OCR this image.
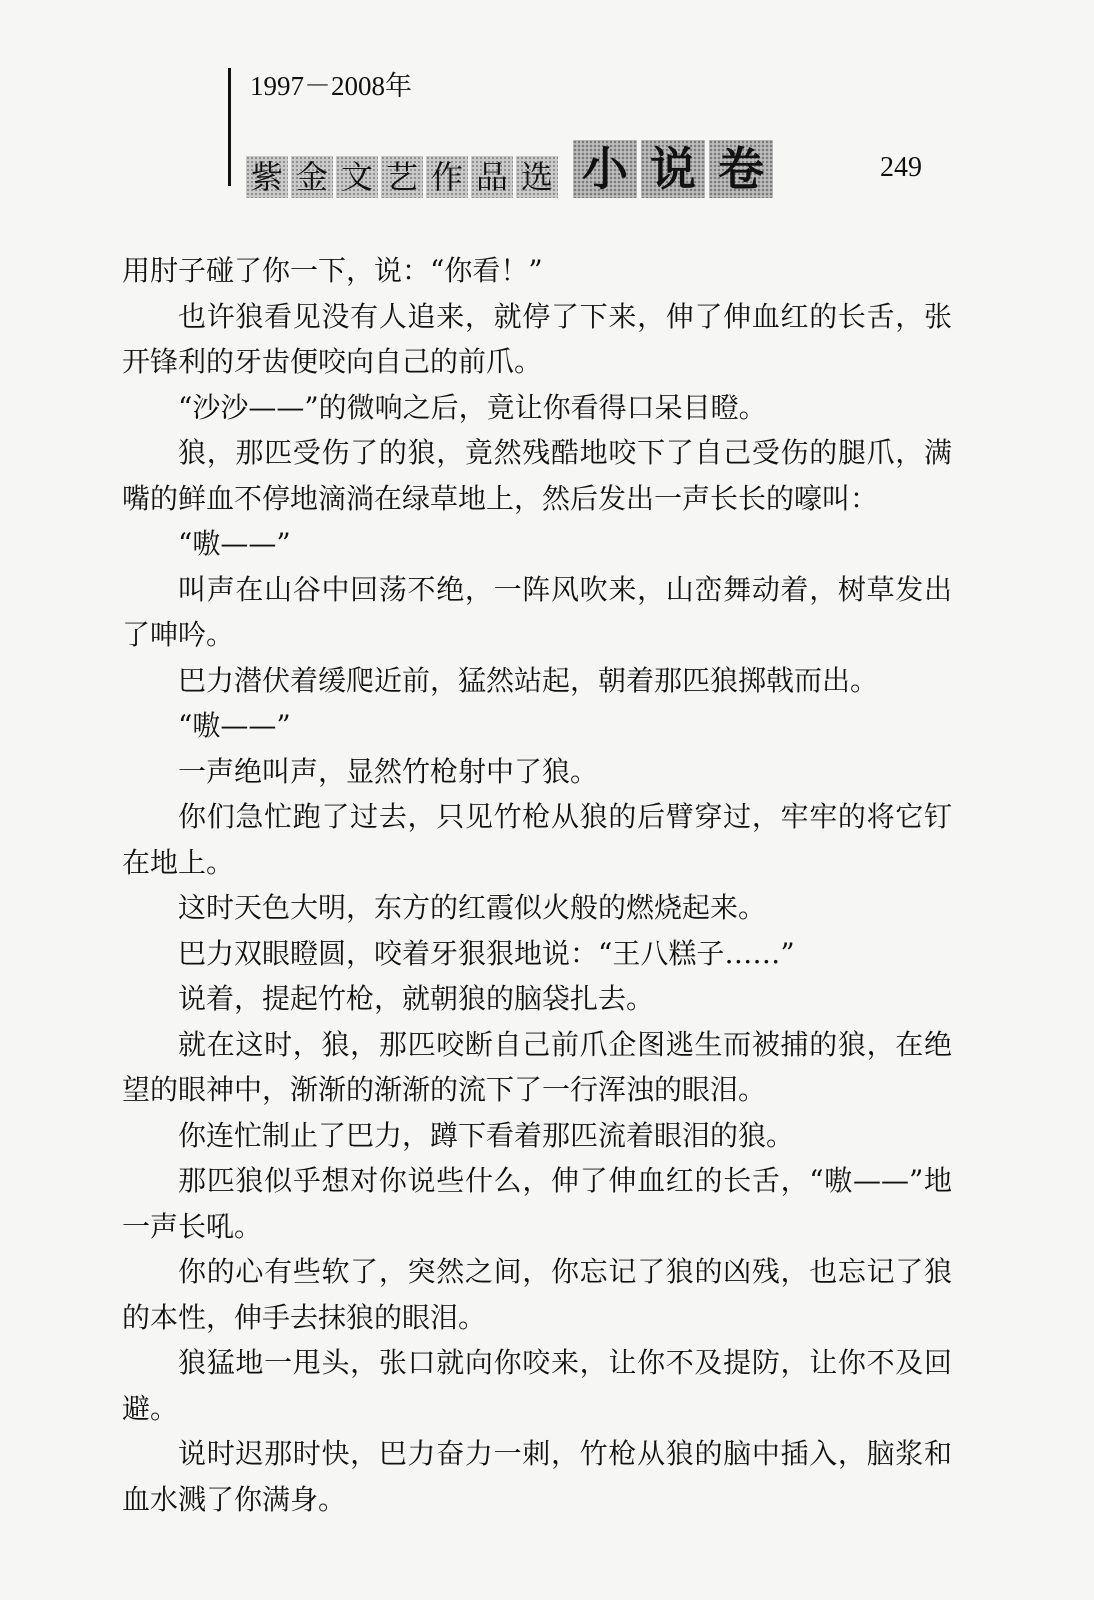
1997－2008年
紫 金 文 艺 作 品 选 小 说 卷	249

用肘子碰了你一下，说：“你看！”

也许狼看见没有人追来，就停了下来，伸了伸血红的长舌，张开锋利的牙齿便咬向自己的前爪。

“沙沙——”的微响之后，竟让你看得口呆目瞪。

狼，那匹受伤了的狼，竟然残酷地咬下了自己受伤的腿爪，满嘴的鲜血不停地滴淌在绿草地上，然后发出一声长长的嚎叫：

“嗷——”

叫声在山谷中回荡不绝，一阵风吹来，山峦舞动着，树草发出了呻吟。

巴力潜伏着缓爬近前，猛然站起，朝着那匹狼掷戟而出。

“嗷——”

一声绝叫声，显然竹枪射中了狼。

你们急忙跑了过去，只见竹枪从狼的后臂穿过，牢牢的将它钉在地上。

这时天色大明，东方的红霞似火般的燃烧起来。

巴力双眼瞪圆，咬着牙狠狠地说：“王八糕子……”

说着，提起竹枪，就朝狼的脑袋扎去。

就在这时，狼，那匹咬断自己前爪企图逃生而被捕的狼，在绝望的眼神中，渐渐的渐渐的流下了一行浑浊的眼泪。

你连忙制止了巴力，蹲下看着那匹流着眼泪的狼。

那匹狼似乎想对你说些什么，伸了伸血红的长舌，“嗷——”地一声长吼。

你的心有些软了，突然之间，你忘记了狼的凶残，也忘记了狼的本性，伸手去抹狼的眼泪。

狼猛地一甩头，张口就向你咬来，让你不及提防，让你不及回避。

说时迟那时快，巴力奋力一刺，竹枪从狼的脑中插入，脑浆和血水溅了你满身。
